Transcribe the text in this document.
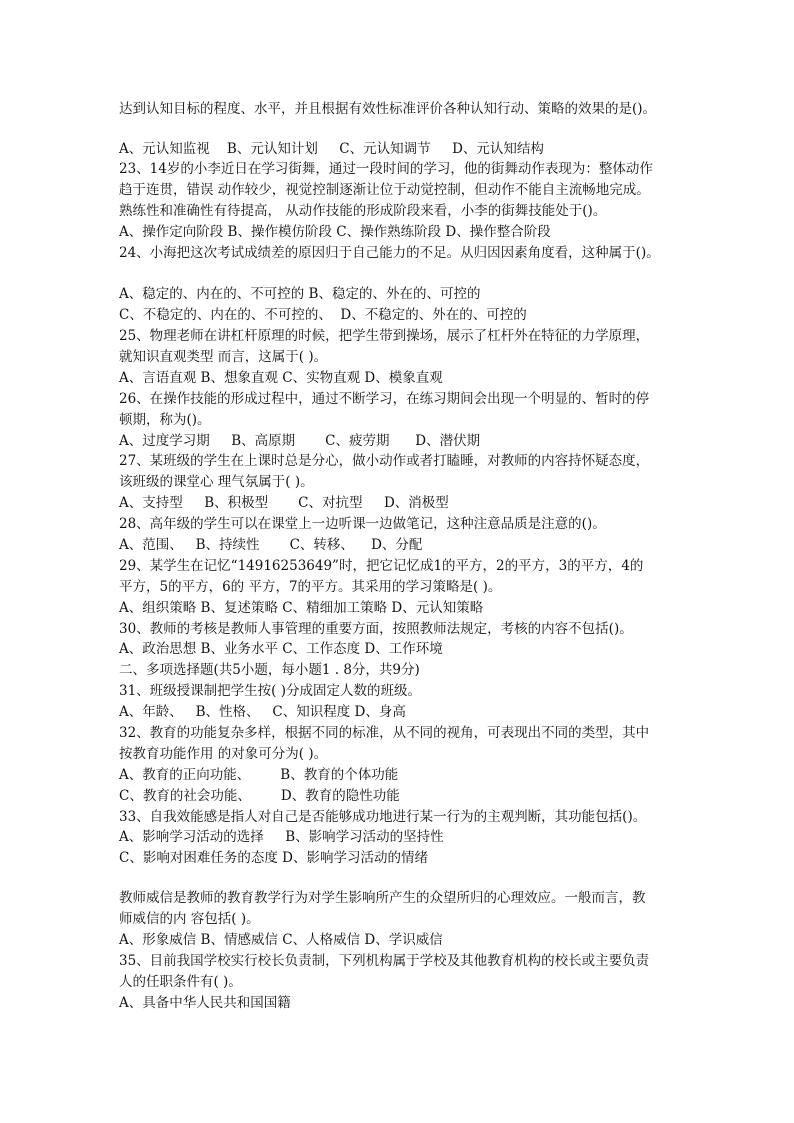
达到认知目标的程度、水平，并且根据有效性标准评价各种认知行动、策略的效果的是()。
A、元认知监视    B、元认知计划     C、元认知调节     D、元认知结构
23、14岁的小李近日在学习街舞，通过一段时间的学习，他的街舞动作表现为：整体动作
趋于连贯，错误 动作较少，视觉控制逐渐让位于动觉控制，但动作不能自主流畅地完成。
熟练性和准确性有待提高， 从动作技能的形成阶段来看，小李的街舞技能处于()。
A、操作定向阶段 B、操作模仿阶段 C、操作熟练阶段 D、操作整合阶段
24、小海把这次考试成绩差的原因归于自己能力的不足。从归因因素角度看，这种属于()。
A、稳定的、内在的、不可控的 B、稳定的、外在的、可控的
C、不稳定的、内在的、不可控的、  D、不稳定的、外在的、可控的
25、物理老师在讲杠杆原理的时候，把学生带到操场，展示了杠杆外在特征的力学原理，
就知识直观类型 而言，这属于( )。
A、言语直观 B、想象直观 C、实物直观 D、模象直观
26、在操作技能的形成过程中，通过不断学习，在练习期间会出现一个明显的、暂时的停
顿期，称为()。
A、过度学习期     B、高原期       C、疲劳期      D、潜伏期
27、某班级的学生在上课时总是分心，做小动作或者打瞌睡，对教师的内容持怀疑态度，
该班级的课堂心 理气氛属于( )。
A、支持型     B、积极型       C、对抗型     D、消极型
28、高年级的学生可以在课堂上一边听课一边做笔记，这种注意品质是注意的()。
A、范围、   B、持续性       C、转移、    D、分配
29、某学生在记忆“14916253649”时，把它记忆成1的平方，2的平方，3的平方，4的
平方，5的平方，6的 平方，7的平方。其采用的学习策略是( )。
A、组织策略 B、复述策略 C、精细加工策略 D、元认知策略
30、教师的考核是教师人事管理的重要方面，按照教师法规定，考核的内容不包括()。
A、政治思想 B、业务水平 C、工作态度 D、工作环境
二、多项选择题(共5小题，每小题1 . 8分，共9分)
31、班级授课制把学生按( )分成固定人数的班级。
A、年龄、   B、性格、   C、知识程度 D、身高
32、教育的功能复杂多样，根据不同的标准，从不同的视角，可表现出不同的类型，其中
按教育功能作用 的对象可分为( )。
A、教育的正向功能、       B、教育的个体功能
C、教育的社会功能、       D、教育的隐性功能
33、自我效能感是指人对自己是否能够成功地进行某一行为的主观判断，其功能包括()。
A、影响学习活动的选择     B、影响学习活动的坚持性
C、影响对困难任务的态度 D、影响学习活动的情绪
教师威信是教师的教育教学行为对学生影响所产生的众望所归的心理效应。一般而言，教
师威信的内 容包括( )。
A、形象威信 B、情感威信 C、人格威信 D、学识威信
35、目前我国学校实行校长负责制，下列机构属于学校及其他教育机构的校长或主要负责
人的任职条件有( )。
A、具备中华人民共和国国籍
